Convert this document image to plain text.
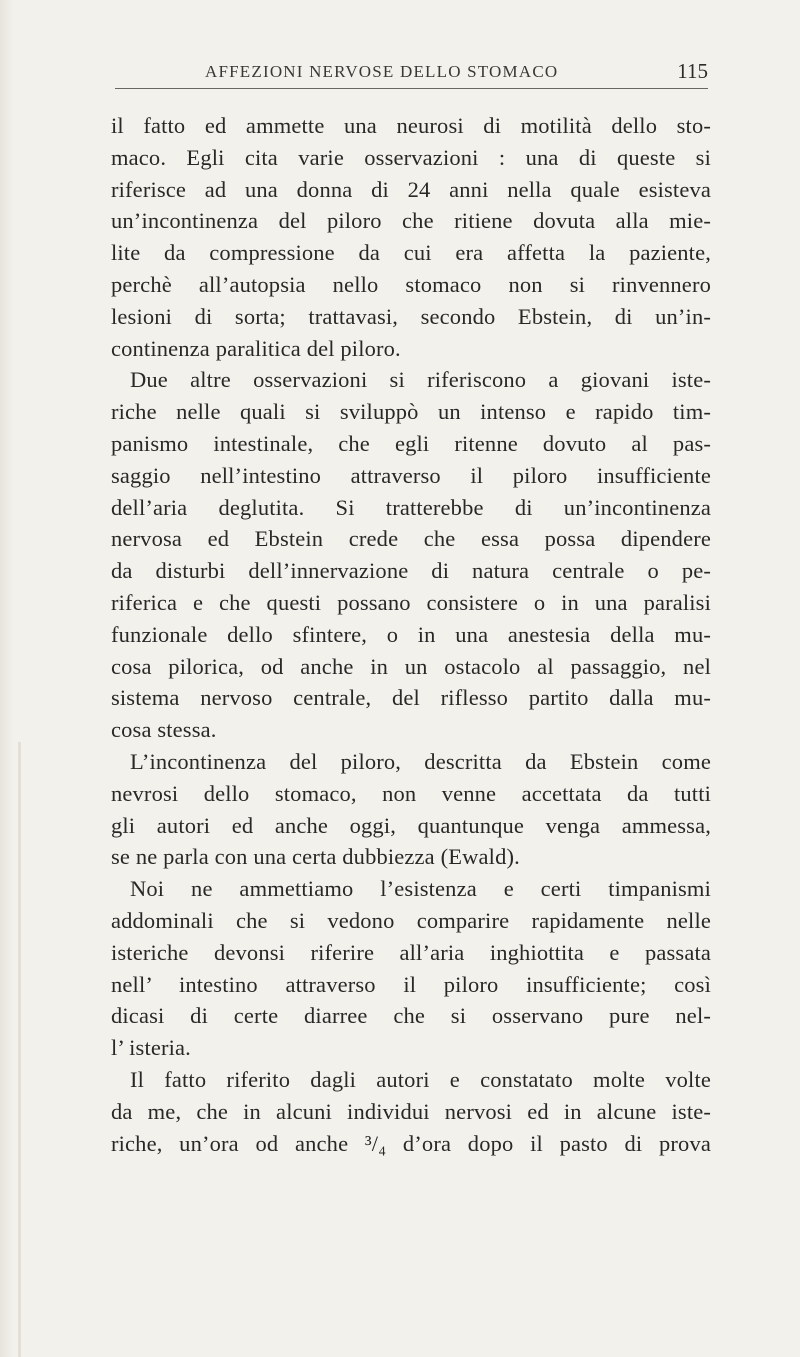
AFFEZIONI NERVOSE DELLO STOMACO	115
il fatto ed ammette una neurosi di motilità dello sto-
maco. Egli cita varie osservazioni : una di queste si
riferisce ad una donna di 24 anni nella quale esisteva
un’incontinenza del piloro che ritiene dovuta alla mie-
lite da compressione da cui era affetta la paziente,
perchè all’autopsia nello stomaco non si rinvennero
lesioni di sorta; trattavasi, secondo Ebstein, di un’in-
continenza paralitica del piloro.
Due altre osservazioni si riferiscono a giovani iste-
riche nelle quali si sviluppò un intenso e rapido tim-
panismo intestinale, che egli ritenne dovuto al pas-
saggio nell’intestino attraverso il piloro insufficiente
dell’aria deglutita. Si tratterebbe di un’incontinenza
nervosa ed Ebstein crede che essa possa dipendere
da disturbi dell’innervazione di natura centrale o pe-
riferica e che questi possano consistere o in una paralisi
funzionale dello sfintere, o in una anestesia della mu-
cosa pilorica, od anche in un ostacolo al passaggio, nel
sistema nervoso centrale, del riflesso partito dalla mu-
cosa stessa.
L’incontinenza del piloro, descritta da Ebstein come
nevrosi dello stomaco, non venne accettata da tutti
gli autori ed anche oggi, quantunque venga ammessa,
se ne parla con una certa dubbiezza (Ewald).
Noi ne ammettiamo l’esistenza e certi timpanismi
addominali che si vedono comparire rapidamente nelle
isteriche devonsi riferire all’aria inghiottita e passata
nell’ intestino attraverso il piloro insufficiente; così
dicasi di certe diarree che si osservano pure nel-
l’ isteria.
Il fatto riferito dagli autori e constatato molte volte
da me, che in alcuni individui nervosi ed in alcune iste-
riche, un’ora od anche ³/₄ d’ora dopo il pasto di prova
